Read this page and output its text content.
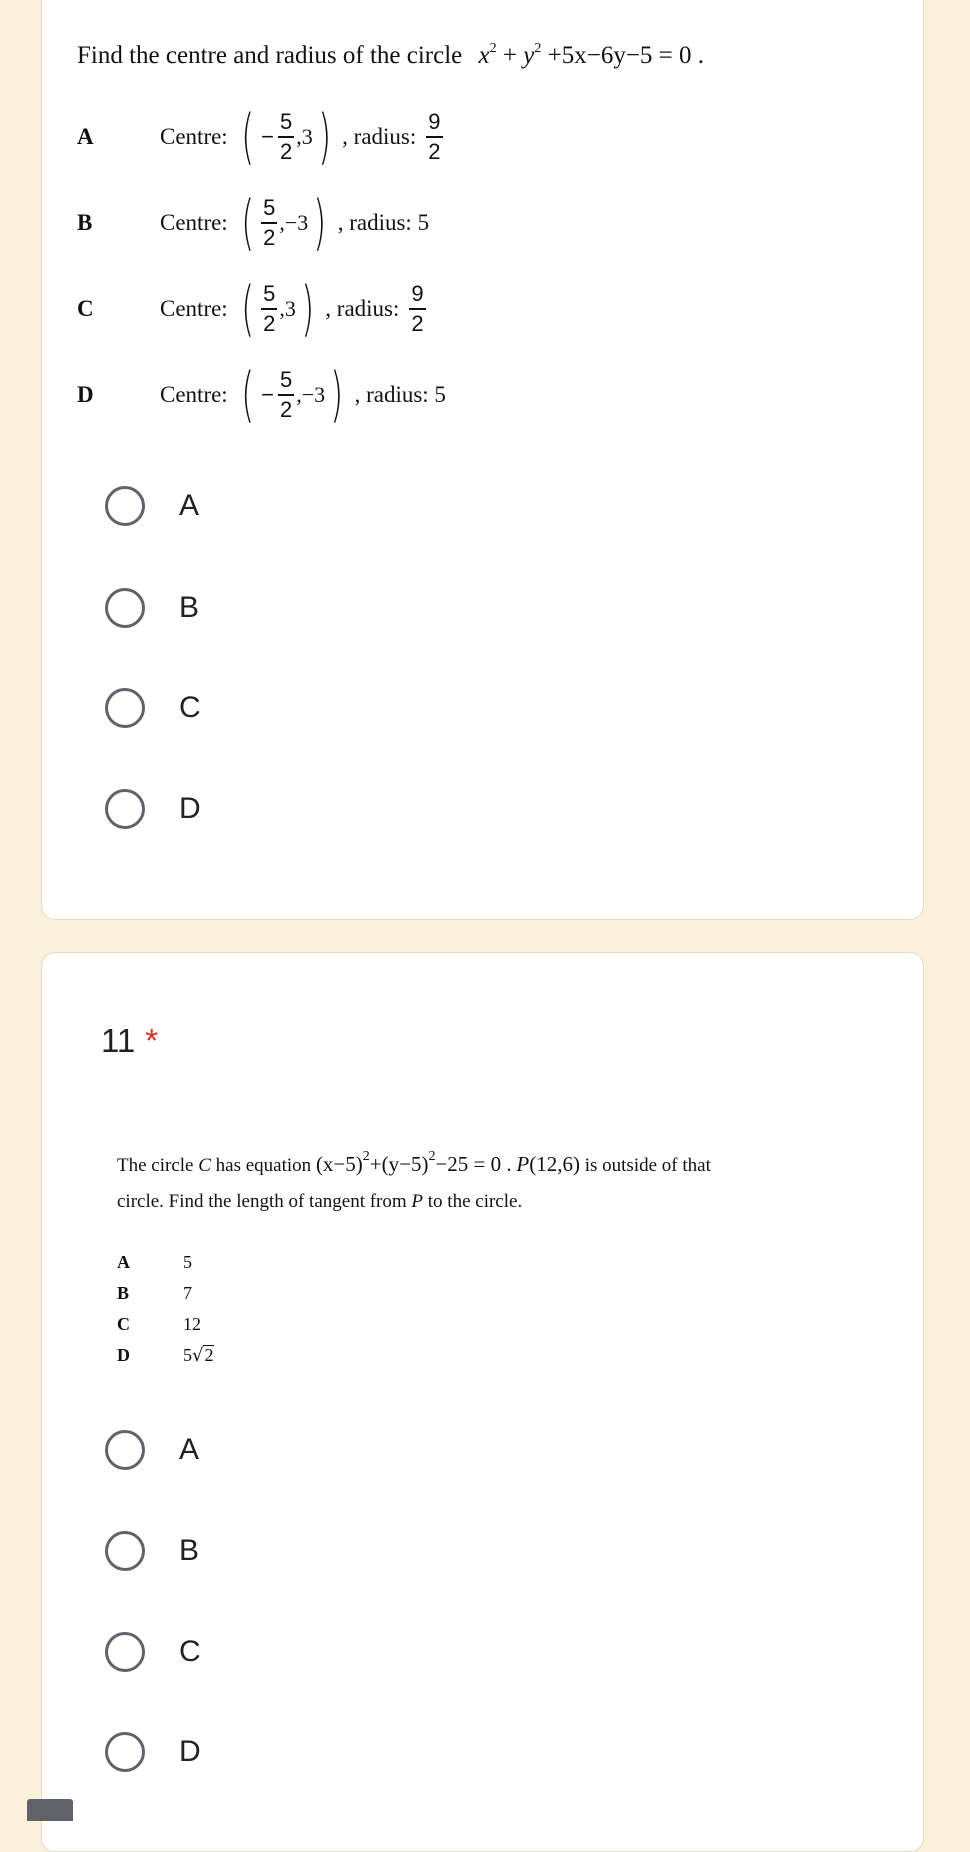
Find the centre and radius of the circle $x^2 + y^2 +5x-6y-5 = 0$ .
A	Centre: ( − $\frac{5}{2} ,3$ ) , radius: $\frac{9}{2}$
B	Centre: ( $\frac{5}{2} ,-3$ ) , radius: 5
C	Centre: ( $\frac{5}{2} ,3$ ) , radius: $\frac{9}{2}$
D	Centre: ( − $\frac{5}{2} ,-3$ ) , radius: 5
A
B
C
D
11 *
The circle C has equation $(x-5)^2+(y-5)^2-25 = 0$ . P(12,6) is outside of that
circle. Find the length of tangent from P to the circle.
A	5
B	7
C	12
D	5 √ 2
A
B
C
D
